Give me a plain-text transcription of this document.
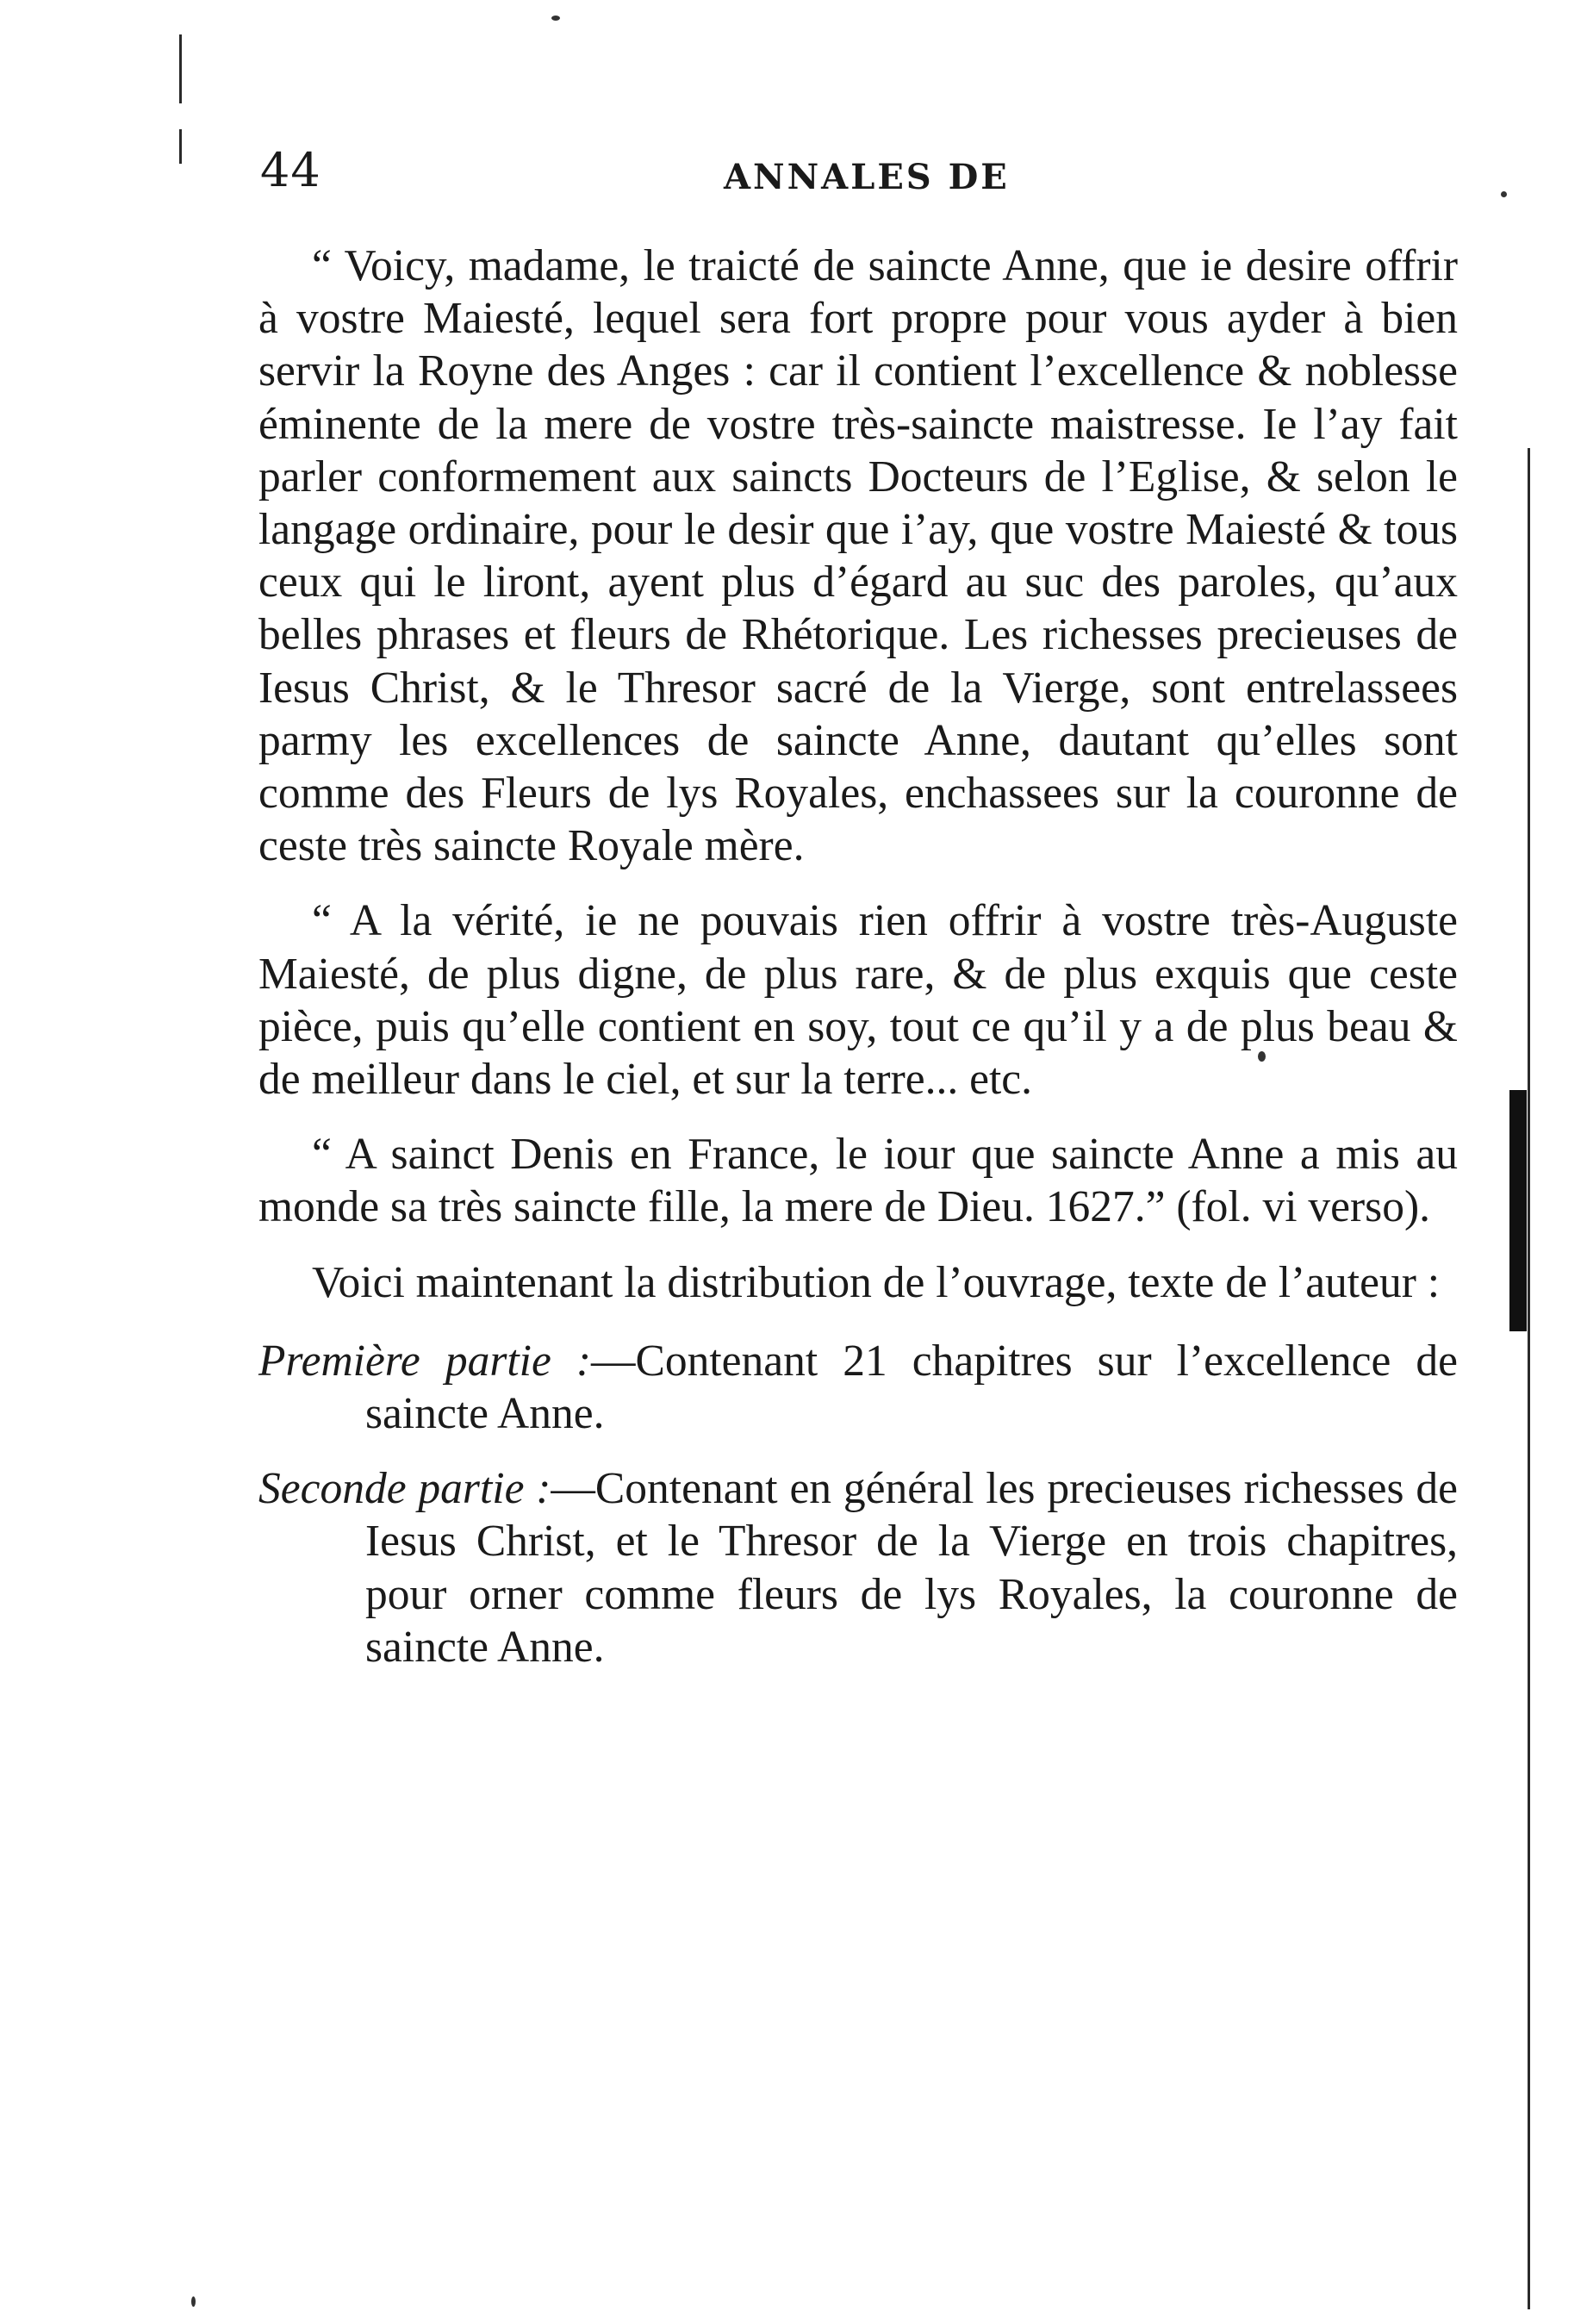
44	ANNALES DE

“ Voicy, madame, le traicté de saincte Anne, que ie desire offrir à vostre Maiesté, lequel sera fort propre pour vous ayder à bien servir la Royne des Anges : car il contient l’excellence & noblesse éminente de la mere de vostre très-saincte maistresse. Ie l’ay fait parler conformement aux saincts Docteurs de l’Eglise, & selon le langage ordinaire, pour le desir que i’ay, que vostre Maiesté & tous ceux qui le liront, ayent plus d’égard au suc des paroles, qu’aux belles phrases et fleurs de Rhétorique. Les richesses precieuses de Iesus Christ, & le Thresor sacré de la Vierge, sont entrelassees parmy les excellences de saincte Anne, dautant qu’elles sont comme des Fleurs de lys Royales, enchassees sur la couronne de ceste très saincte Royale mère.

“ A la vérité, ie ne pouvais rien offrir à vostre très-Auguste Maiesté, de plus digne, de plus rare, & de plus exquis que ceste pièce, puis qu’elle contient en soy, tout ce qu’il y a de plus beau & de meilleur dans le ciel, et sur la terre... etc.

“ A sainct Denis en France, le iour que saincte Anne a mis au monde sa très saincte fille, la mere de Dieu. 1627.” (fol. vi verso).

Voici maintenant la distribution de l’ouvrage, texte de l’auteur :

Première partie :—Contenant 21 chapitres sur l’excellence de saincte Anne.
Seconde partie :—Contenant en général les precieuses richesses de Iesus Christ, et le Thresor de la Vierge en trois chapitres, pour orner comme fleurs de lys Royales, la couronne de saincte Anne.
